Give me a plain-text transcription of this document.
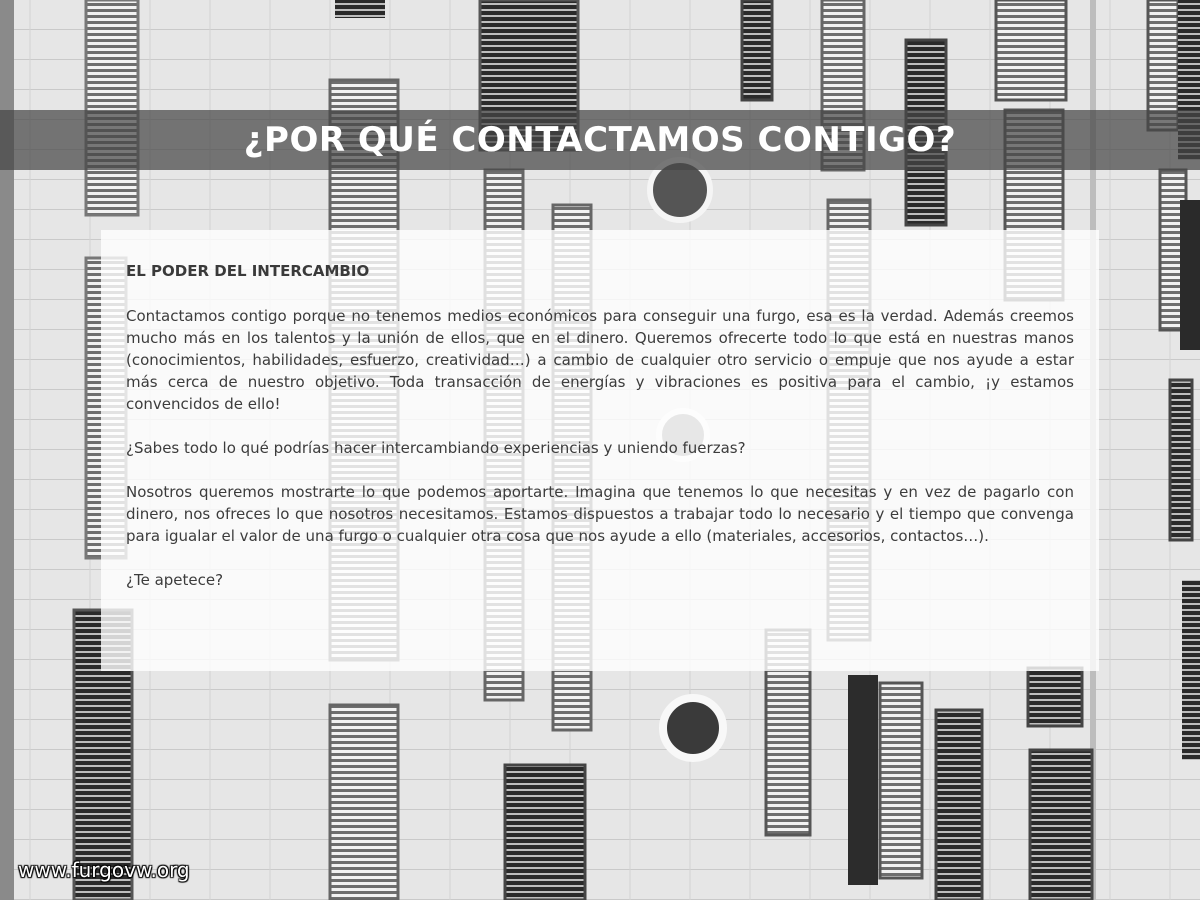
¿POR QUÉ CONTACTAMOS CONTIGO?
EL PODER DEL INTERCAMBIO

Contactamos contigo porque no tenemos medios económicos para conseguir una furgo, esa es la verdad. Además creemos mucho más en los talentos y la unión de ellos, que en el dinero. Queremos ofrecerte todo lo que está en nuestras manos (conocimientos, habilidades, esfuerzo, creatividad…) a cambio de cualquier otro servicio o empuje que nos ayude a estar más cerca de nuestro objetivo. Toda transacción de energías y vibraciones es positiva para el cambio, ¡y estamos convencidos de ello!

¿Sabes todo lo qué podrías hacer intercambiando experiencias y uniendo fuerzas?

Nosotros queremos mostrarte lo que podemos aportarte. Imagina que tenemos lo que necesitas y en vez de pagarlo con dinero, nos ofreces lo que nosotros necesitamos. Estamos dispuestos a trabajar todo lo necesario y el tiempo que convenga para igualar el valor de una furgo o cualquier otra cosa que nos ayude a ello (materiales, accesorios, contactos…).

¿Te apetece?

www.furgovw.org
